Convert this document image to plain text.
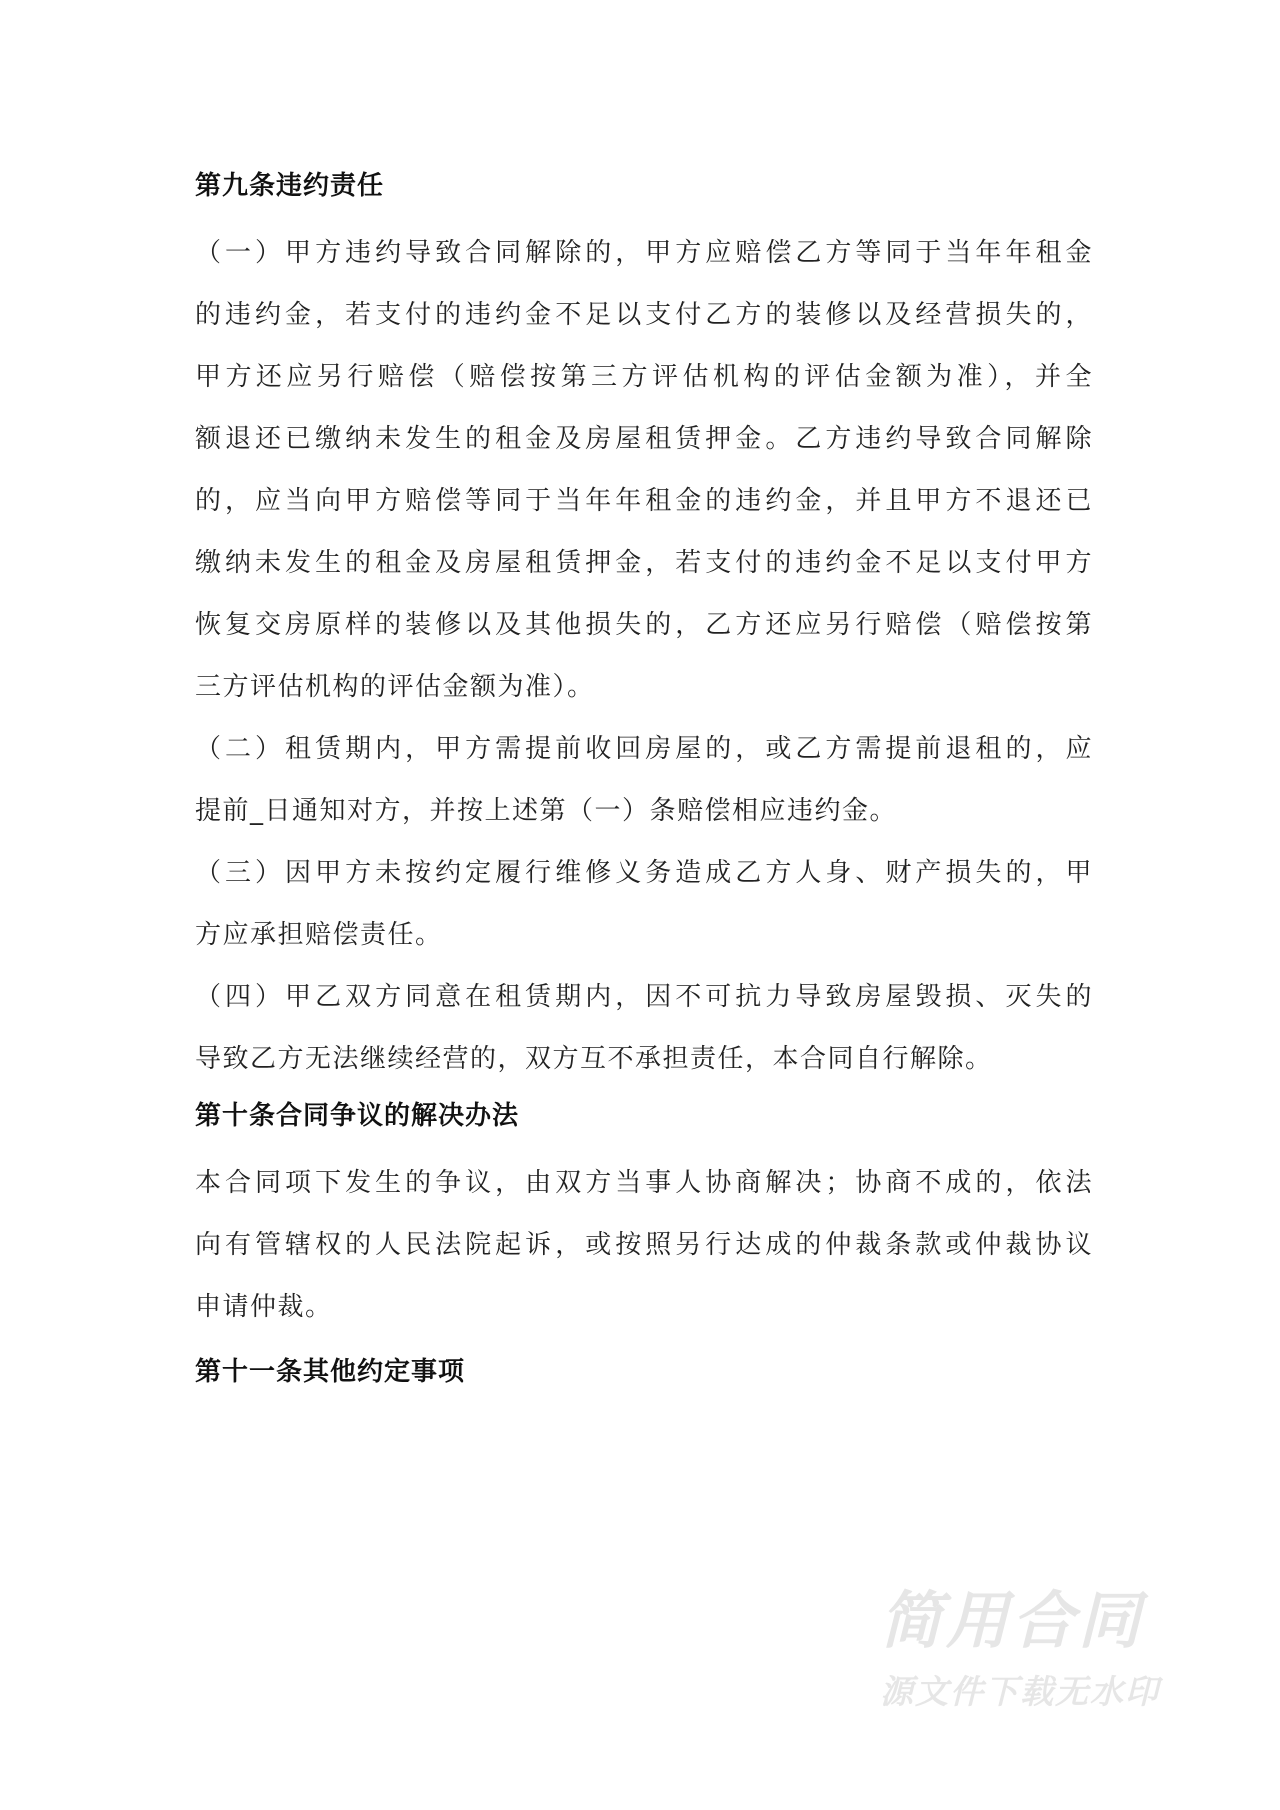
第九条违约责任
（一）甲方违约导致合同解除的，甲方应赔偿乙方等同于当年年租金
的违约金，若支付的违约金不足以支付乙方的装修以及经营损失的，
甲方还应另行赔偿（赔偿按第三方评估机构的评估金额为准），并全
额退还已缴纳未发生的租金及房屋租赁押金。乙方违约导致合同解除
的，应当向甲方赔偿等同于当年年租金的违约金，并且甲方不退还已
缴纳未发生的租金及房屋租赁押金，若支付的违约金不足以支付甲方
恢复交房原样的装修以及其他损失的，乙方还应另行赔偿（赔偿按第
三方评估机构的评估金额为准）。
（二）租赁期内，甲方需提前收回房屋的，或乙方需提前退租的，应
提前_日通知对方，并按上述第（一）条赔偿相应违约金。
（三）因甲方未按约定履行维修义务造成乙方人身、财产损失的，甲
方应承担赔偿责任。
（四）甲乙双方同意在租赁期内，因不可抗力导致房屋毁损、灭失的
导致乙方无法继续经营的，双方互不承担责任，本合同自行解除。
第十条合同争议的解决办法
本合同项下发生的争议，由双方当事人协商解决；协商不成的，依法
向有管辖权的人民法院起诉，或按照另行达成的仲裁条款或仲裁协议
申请仲裁。
第十一条其他约定事项
简用合同
源文件下载无水印
